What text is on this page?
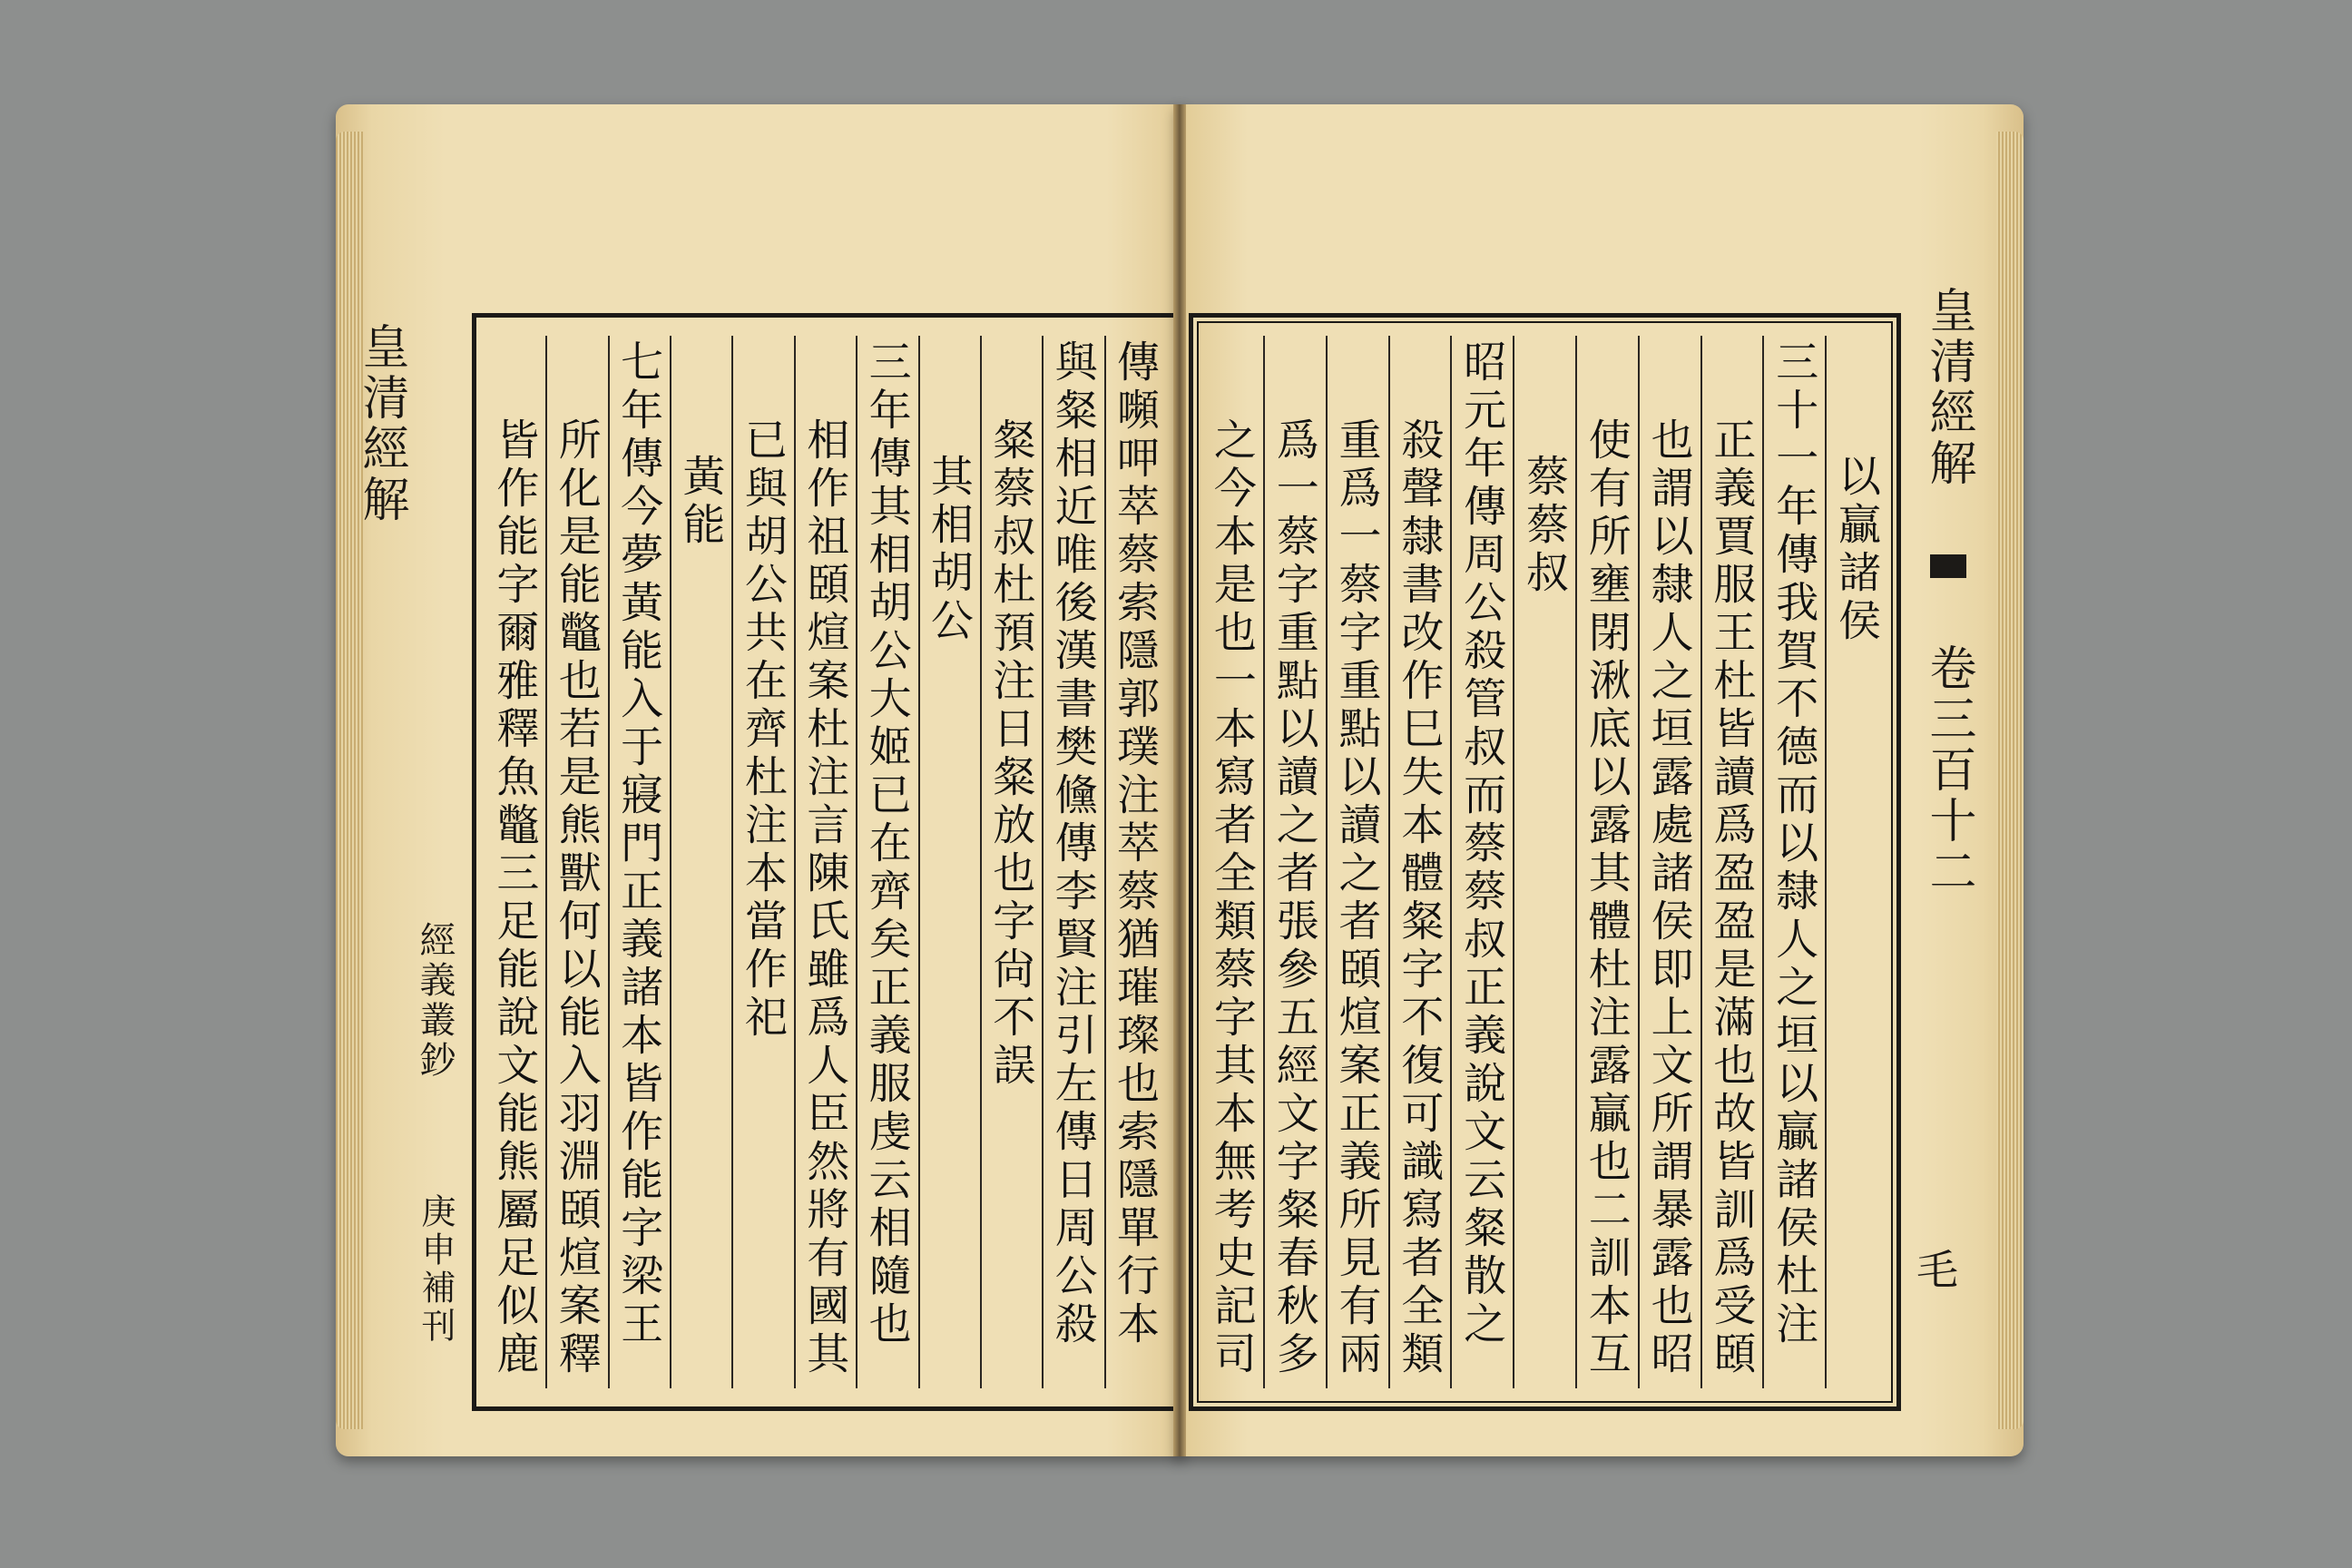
皇清經解
經義叢鈔
庚申補刊
傳嚬呷萃蔡索隱郭璞注萃蔡猶璀璨也索隱單行本
與粲相近唯後漢書樊儵傳李賢注引左傳日周公殺
粲蔡叔杜預注日粲放也字尙不誤
其相胡公
三年傳其相胡公大姬已在齊矣正義服虔云相隨也
相作祖頣煊案杜注言陳氏雖爲人臣然將有國其
已與胡公共在齊杜注本當作祀
黃能
七年傳今夢黃能入于寢門正義諸本皆作能字梁王
所化是能鼈也若是熊獸何以能入羽淵頣煊案釋
皆作能字爾雅釋魚鼈三足能說文能熊屬足似鹿
以贏諸侯
三十一年傳我賀不德而以隸人之垣以贏諸侯杜注
正義賈服王杜皆讀爲盈盈是滿也故皆訓爲受頣
也謂以隸人之垣露處諸侯即上文所謂暴露也昭
使有所壅閉湫底以露其體杜注露贏也二訓本互
蔡蔡叔
昭元年傳周公殺管叔而蔡蔡叔正義說文云粲散之
殺聲隸書改作巳失本體粲字不復可識寫者全類
重爲一蔡字重點以讀之者頣煊案正義所見有兩
爲一蔡字重點以讀之者張參五經文字粲春秋多
之今本是也一本寫者全類蔡字其本無考史記司
皇清經解  卷三百十二
毛
